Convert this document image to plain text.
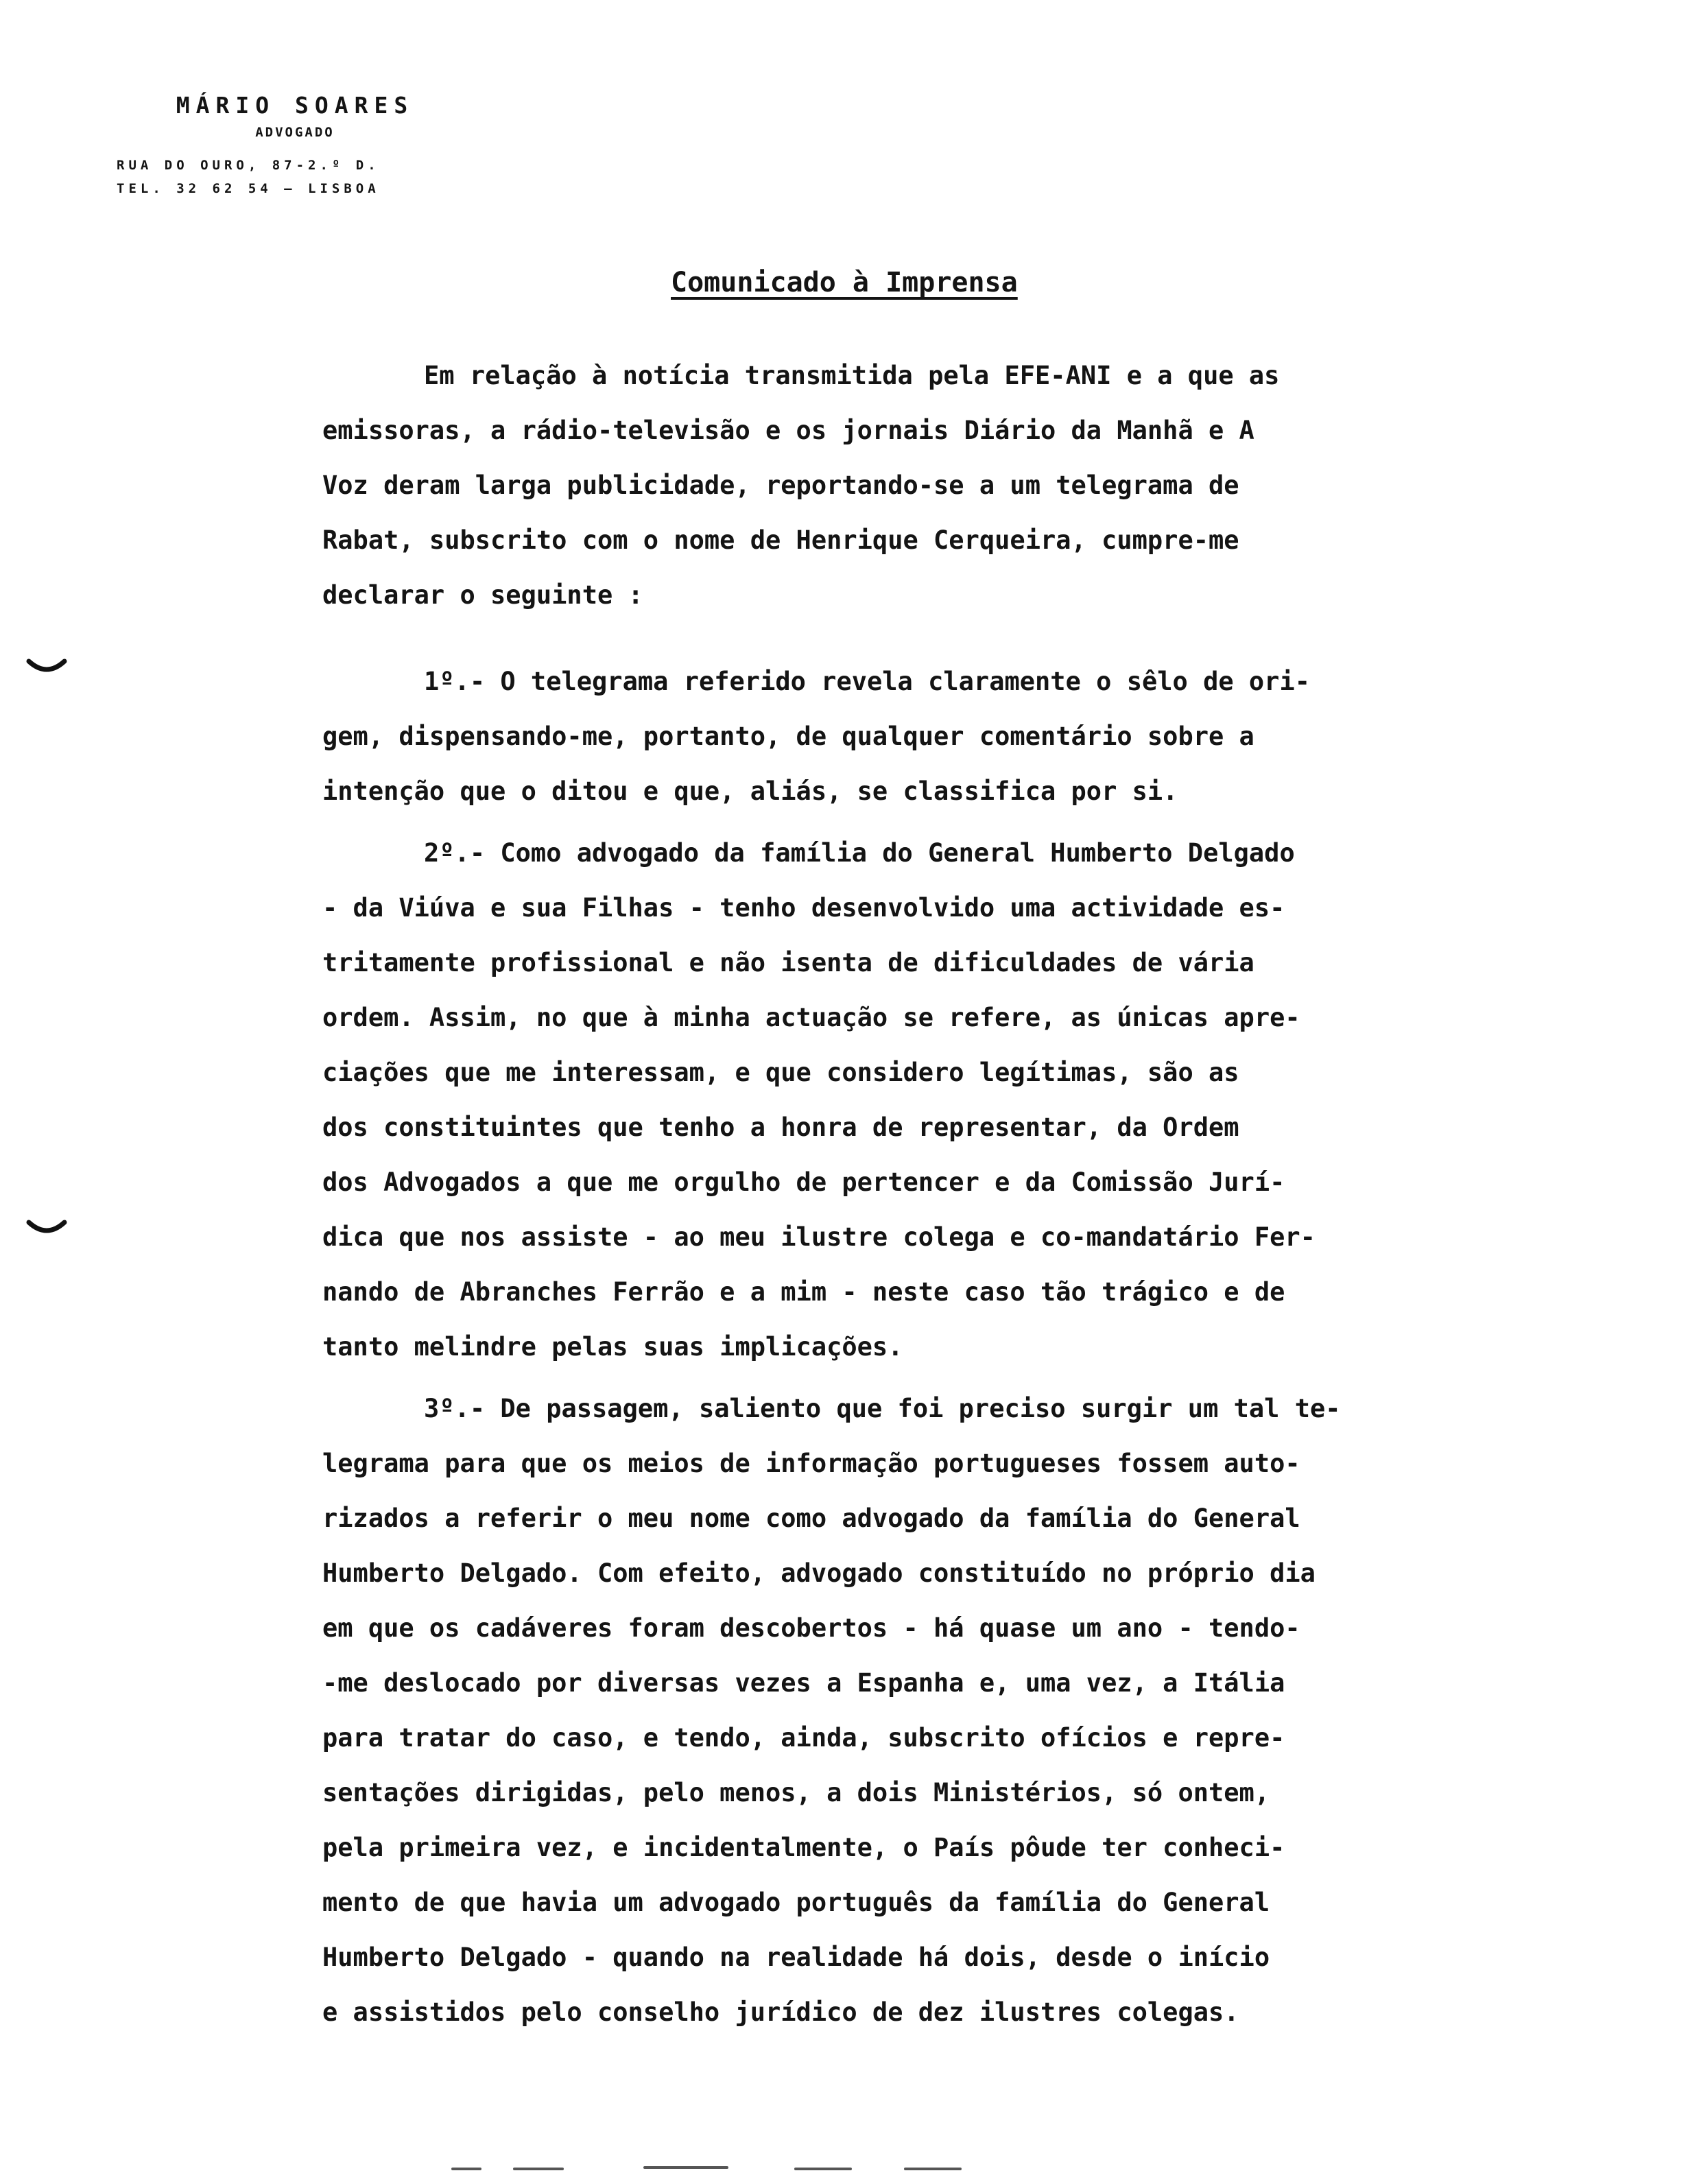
MÁRIO SOARES
ADVOGADO
RUA DO OURO, 87-2.º D.
TEL. 32 62 54 — LISBOA
Comunicado à Imprensa
Em relação à notícia transmitida pela EFE-ANI e a que as
emissoras, a rádio-televisão e os jornais Diário da Manhã e A
Voz deram larga publicidade, reportando-se a um telegrama de
Rabat, subscrito com o nome de Henrique Cerqueira, cumpre-me
declarar o seguinte :
1º.- O telegrama referido revela claramente o sêlo de ori-
gem, dispensando-me, portanto, de qualquer comentário sobre a
intenção que o ditou e que, aliás, se classifica por si.
2º.- Como advogado da família do General Humberto Delgado
- da Viúva e sua Filhas - tenho desenvolvido uma actividade es-
tritamente profissional e não isenta de dificuldades de vária
ordem. Assim, no que à minha actuação se refere, as únicas apre-
ciações que me interessam, e que considero legítimas, são as
dos constituintes que tenho a honra de representar, da Ordem
dos Advogados a que me orgulho de pertencer e da Comissão Jurí-
dica que nos assiste - ao meu ilustre colega e co-mandatário Fer-
nando de Abranches Ferrão e a mim - neste caso tão trágico e de
tanto melindre pelas suas implicações.
3º.- De passagem, saliento que foi preciso surgir um tal te-
legrama para que os meios de informação portugueses fossem auto-
rizados a referir o meu nome como advogado da família do General
Humberto Delgado. Com efeito, advogado constituído no próprio dia
em que os cadáveres foram descobertos - há quase um ano - tendo-
-me deslocado por diversas vezes a Espanha e, uma vez, a Itália
para tratar do caso, e tendo, ainda, subscrito ofícios e repre-
sentações dirigidas, pelo menos, a dois Ministérios, só ontem,
pela primeira vez, e incidentalmente, o País pôude ter conheci-
mento de que havia um advogado português da família do General
Humberto Delgado - quando na realidade há dois, desde o início
e assistidos pelo conselho jurídico de dez ilustres colegas.
